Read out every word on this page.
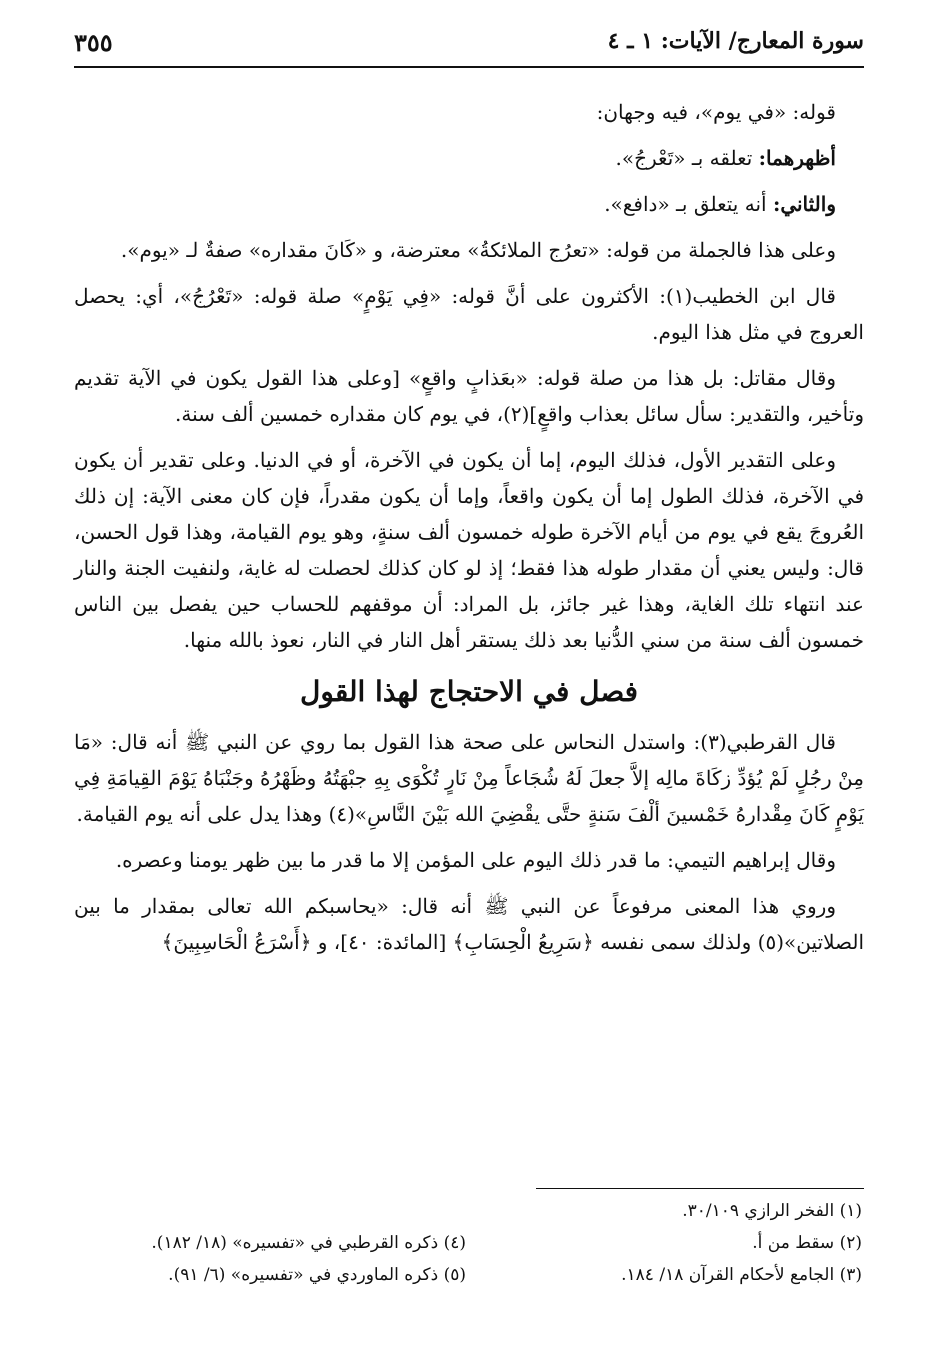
سورة المعارج/ الآيات: ١ ـ ٤
٣٥٥

قوله: «في يوم»، فيه وجهان:

أظهرهما: تعلقه بـ «تَعْرجُ».

والثاني: أنه يتعلق بـ «دافع».

وعلى هذا فالجملة من قوله: «تعرُج الملائكةُ» معترضة، و «كَانَ مقداره» صفةٌ لـ «يوم».

قال ابن الخطيب(١): الأكثرون على أنَّ قوله: «فِي يَوْمٍ» صلة قوله: «تَعْرُجُ»، أي: يحصل العروج في مثل هذا اليوم.

وقال مقاتل: بل هذا من صلة قوله: «بعَذابٍ واقعٍ» [وعلى هذا القول يكون في الآية تقديم وتأخير، والتقدير: سأل سائل بعذاب واقعٍ](٢)، في يوم كان مقداره خمسين ألف سنة.

وعلى التقدير الأول، فذلك اليوم، إما أن يكون في الآخرة، أو في الدنيا. وعلى تقدير أن يكون في الآخرة، فذلك الطول إما أن يكون واقعاً، وإما أن يكون مقدراً، فإن كان معنى الآية: إن ذلك العُروجَ يقع في يوم من أيام الآخرة طوله خمسون ألف سنةٍ، وهو يوم القيامة، وهذا قول الحسن، قال: وليس يعني أن مقدار طوله هذا فقط؛ إذ لو كان كذلك لحصلت له غاية، ولنفيت الجنة والنار عند انتهاء تلك الغاية، وهذا غير جائز، بل المراد: أن موقفهم للحساب حين يفصل بين الناس خمسون ألف سنة من سني الدُّنيا بعد ذلك يستقر أهل النار في النار، نعوذ بالله منها.

فصل في الاحتجاج لهذا القول

قال القرطبي(٣): واستدل النحاس على صحة هذا القول بما روي عن النبي ﷺ أنه قال: «مَا مِنْ رجُلٍ لَمْ يُؤدِّ زكَاةَ مالِه إلاَّ جعلَ لَهُ شُجَاعاً مِنْ نَارٍ تُكْوَى بِهِ جبْهَتُهُ وظَهْرُهُ وجَنْبَاهُ يَوْمَ القِيامَةِ فِي يَوْمٍ كَانَ مِقْدارهُ خَمْسينَ ألْفَ سَنةٍ حتَّى يقْضِيَ الله بَيْنَ النَّاسِ»(٤) وهذا يدل على أنه يوم القيامة.

وقال إبراهيم التيمي: ما قدر ذلك اليوم على المؤمن إلا ما قدر ما بين ظهر يومنا وعصره.

وروي هذا المعنى مرفوعاً عن النبي ﷺ أنه قال: «يحاسبكم الله تعالى بمقدار ما بين الصلاتين»(٥) ولذلك سمى نفسه ﴿سَرِيعُ الْحِسَابِ﴾ [المائدة: ٤٠]، و ﴿أَسْرَعُ الْحَاسِبِينَ﴾

(١) الفخر الرازي ٣٠/١٠٩.
(٢) سقط من أ.
(٣) الجامع لأحكام القرآن ١٨/ ١٨٤.
(٤) ذكره القرطبي في «تفسيره» (١٨/ ١٨٢).
(٥) ذكره الماوردي في «تفسيره» (٦/ ٩١).
